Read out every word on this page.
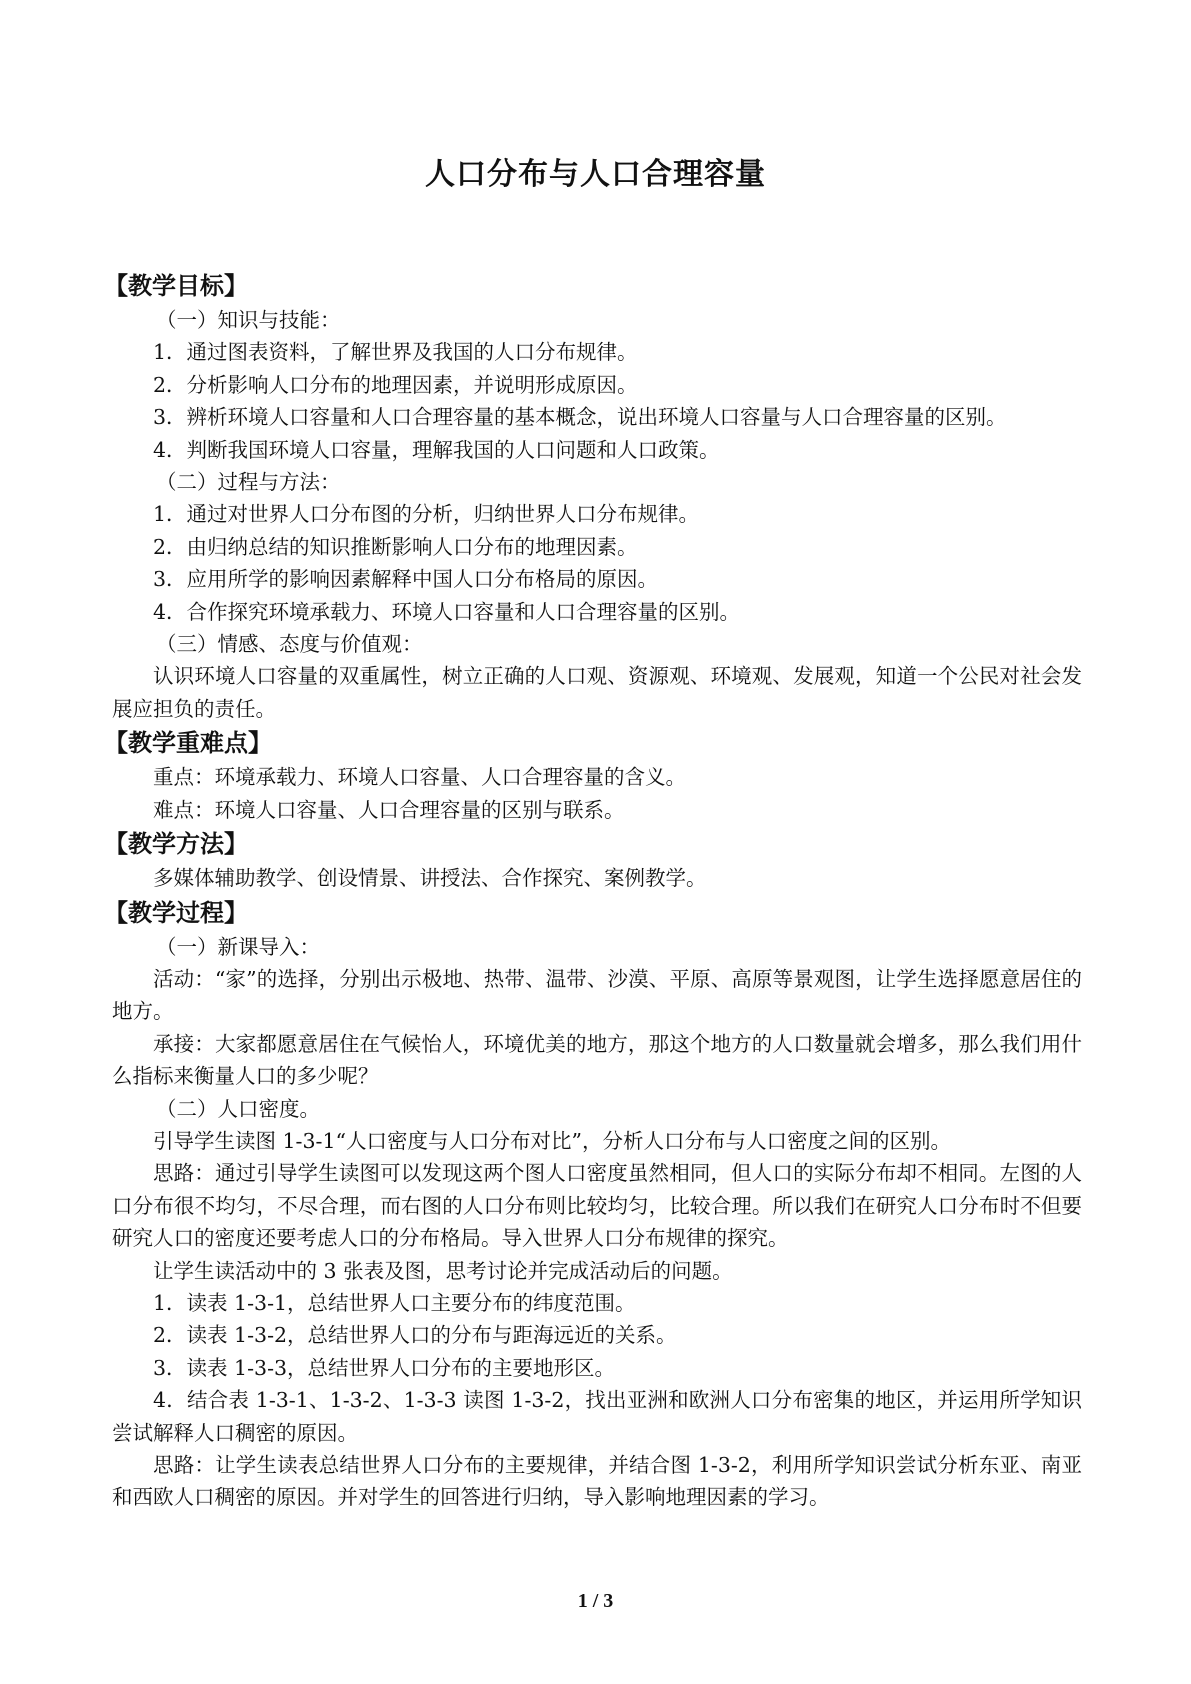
人口分布与人口合理容量
【教学目标】
（一）知识与技能：
1．通过图表资料，了解世界及我国的人口分布规律。
2．分析影响人口分布的地理因素，并说明形成原因。
3．辨析环境人口容量和人口合理容量的基本概念，说出环境人口容量与人口合理容量的区别。
4．判断我国环境人口容量，理解我国的人口问题和人口政策。
（二）过程与方法：
1．通过对世界人口分布图的分析，归纳世界人口分布规律。
2．由归纳总结的知识推断影响人口分布的地理因素。
3．应用所学的影响因素解释中国人口分布格局的原因。
4．合作探究环境承载力、环境人口容量和人口合理容量的区别。
（三）情感、态度与价值观：
认识环境人口容量的双重属性，树立正确的人口观、资源观、环境观、发展观，知道一个公民对社会发展应担负的责任。
【教学重难点】
重点：环境承载力、环境人口容量、人口合理容量的含义。
难点：环境人口容量、人口合理容量的区别与联系。
【教学方法】
多媒体辅助教学、创设情景、讲授法、合作探究、案例教学。
【教学过程】
（一）新课导入：
活动：“家”的选择，分别出示极地、热带、温带、沙漠、平原、高原等景观图，让学生选择愿意居住的地方。
承接：大家都愿意居住在气候怡人，环境优美的地方，那这个地方的人口数量就会增多，那么我们用什么指标来衡量人口的多少呢？
（二）人口密度。
引导学生读图 1-3-1“人口密度与人口分布对比”，分析人口分布与人口密度之间的区别。
思路：通过引导学生读图可以发现这两个图人口密度虽然相同，但人口的实际分布却不相同。左图的人口分布很不均匀，不尽合理，而右图的人口分布则比较均匀，比较合理。所以我们在研究人口分布时不但要研究人口的密度还要考虑人口的分布格局。导入世界人口分布规律的探究。
让学生读活动中的 3 张表及图，思考讨论并完成活动后的问题。
1．读表 1-3-1，总结世界人口主要分布的纬度范围。
2．读表 1-3-2，总结世界人口的分布与距海远近的关系。
3．读表 1-3-3，总结世界人口分布的主要地形区。
4．结合表 1-3-1、1-3-2、1-3-3 读图 1-3-2，找出亚洲和欧洲人口分布密集的地区，并运用所学知识尝试解释人口稠密的原因。
思路：让学生读表总结世界人口分布的主要规律，并结合图 1-3-2，利用所学知识尝试分析东亚、南亚和西欧人口稠密的原因。并对学生的回答进行归纳，导入影响地理因素的学习。
1 / 3
